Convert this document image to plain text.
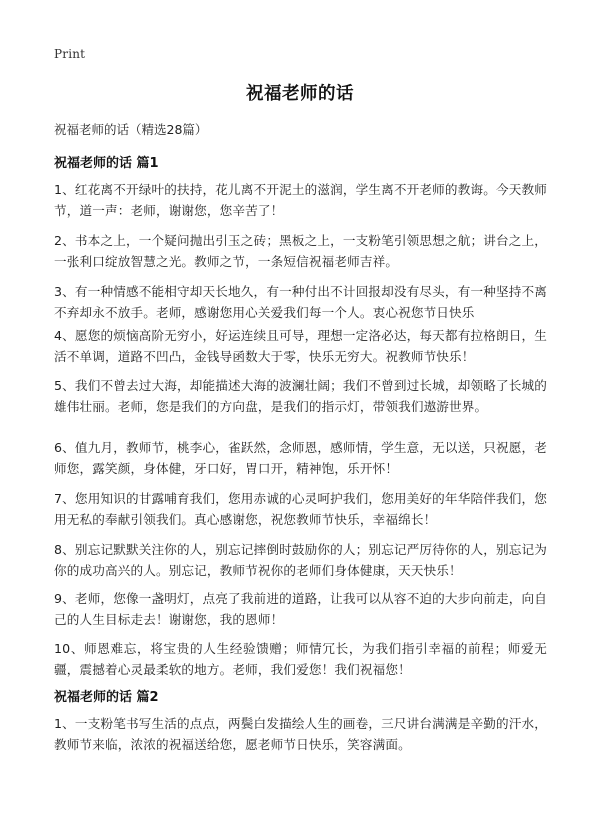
Print
祝福老师的话
祝福老师的话（精选28篇）
祝福老师的话 篇1
1、红花离不开绿叶的扶持，花儿离不开泥土的滋润，学生离不开老师的教诲。今天教师节，道一声：老师，谢谢您，您辛苦了！
2、书本之上，一个疑问抛出引玉之砖；黑板之上，一支粉笔引领思想之航；讲台之上，一张利口绽放智慧之光。教师之节，一条短信祝福老师吉祥。
3、有一种情感不能相守却天长地久，有一种付出不计回报却没有尽头，有一种坚持不离不弃却永不放手。老师，感谢您用心关爱我们每一个人。衷心祝您节日快乐
4、愿您的烦恼高阶无穷小，好运连续且可导，理想一定洛必达，每天都有拉格朗日，生活不单调，道路不凹凸，金钱导函数大于零，快乐无穷大。祝教师节快乐！
5、我们不曾去过大海，却能描述大海的波澜壮阔；我们不曾到过长城，却领略了长城的雄伟壮丽。老师，您是我们的方向盘，是我们的指示灯，带领我们遨游世界。
6、值九月，教师节，桃李心，雀跃然，念师恩，感师情，学生意，无以送，只祝愿，老师您，露笑颜，身体健，牙口好，胃口开，精神饱，乐开怀！
7、您用知识的甘露哺育我们，您用赤诚的心灵呵护我们，您用美好的年华陪伴我们，您用无私的奉献引领我们。真心感谢您，祝您教师节快乐，幸福绵长！
8、别忘记默默关注你的人，别忘记摔倒时鼓励你的人；别忘记严厉待你的人，别忘记为你的成功高兴的人。别忘记，教师节祝你的老师们身体健康，天天快乐！
9、老师，您像一盏明灯，点亮了我前进的道路，让我可以从容不迫的大步向前走，向自己的人生目标走去！谢谢您，我的恩师！
10、师恩难忘，将宝贵的人生经验馈赠；师情冗长，为我们指引幸福的前程；师爱无疆，震撼着心灵最柔软的地方。老师，我们爱您！我们祝福您！
祝福老师的话 篇2
1、一支粉笔书写生活的点点，两鬓白发描绘人生的画卷，三尺讲台满满是辛勤的汗水，教师节来临，浓浓的祝福送给您，愿老师节日快乐，笑容满面。
